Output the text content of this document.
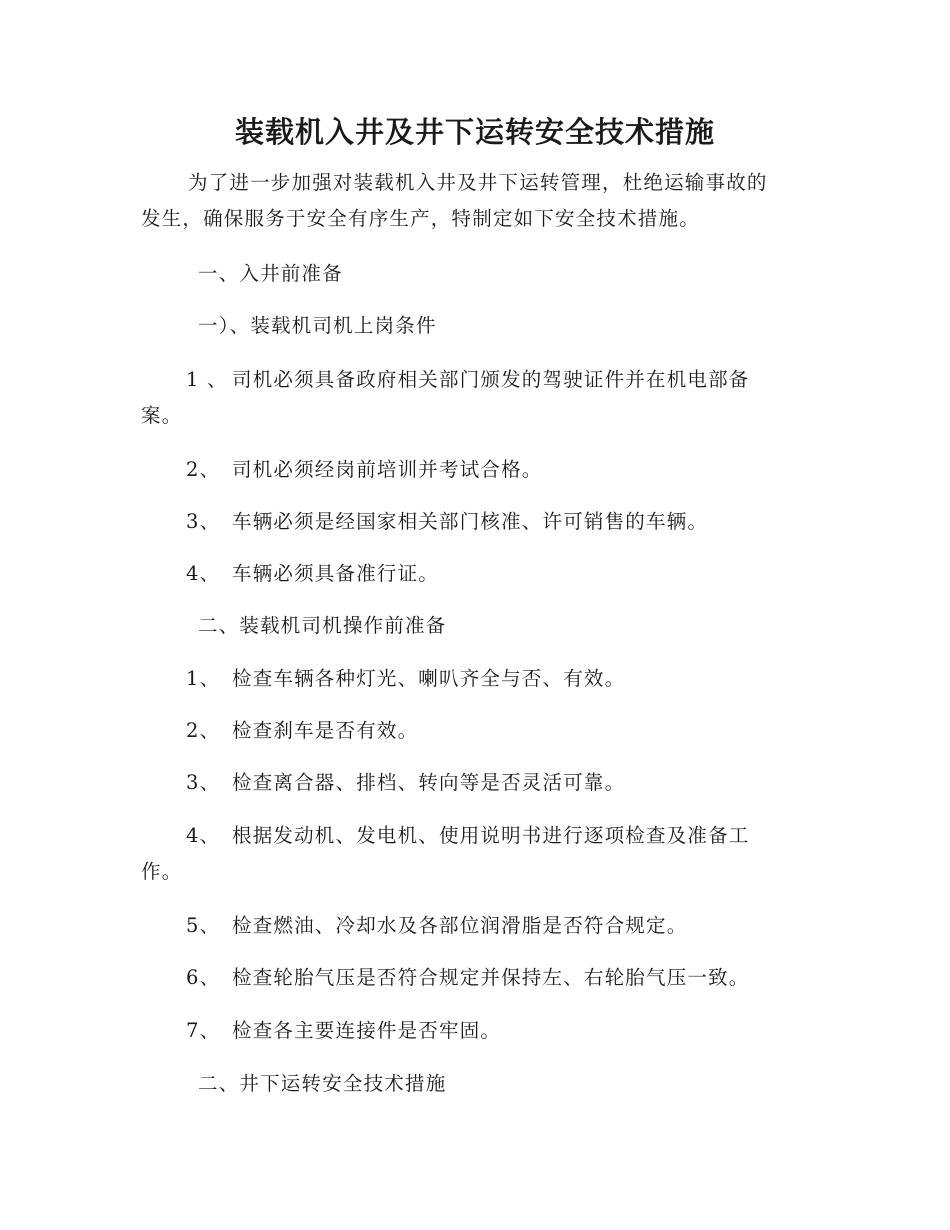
装载机入井及井下运转安全技术措施
为了进一步加强对装载机入井及井下运转管理，杜绝运输事故的
发生，确保服务于安全有序生产，特制定如下安全技术措施。
一、入井前准备
一）、装载机司机上岗条件
1 、 司机必须具备政府相关部门颁发的驾驶证件并在机电部备
案。
2、 司机必须经岗前培训并考试合格。
3、 车辆必须是经国家相关部门核准、许可销售的车辆。
4、 车辆必须具备准行证。
二、装载机司机操作前准备
1、 检查车辆各种灯光、喇叭齐全与否、有效。
2、 检查刹车是否有效。
3、 检查离合器、排档、转向等是否灵活可靠。
4、 根据发动机、发电机、使用说明书进行逐项检查及准备工
作。
5、 检查燃油、冷却水及各部位润滑脂是否符合规定。
6、 检查轮胎气压是否符合规定并保持左、右轮胎气压一致。
7、 检查各主要连接件是否牢固。
二、井下运转安全技术措施
